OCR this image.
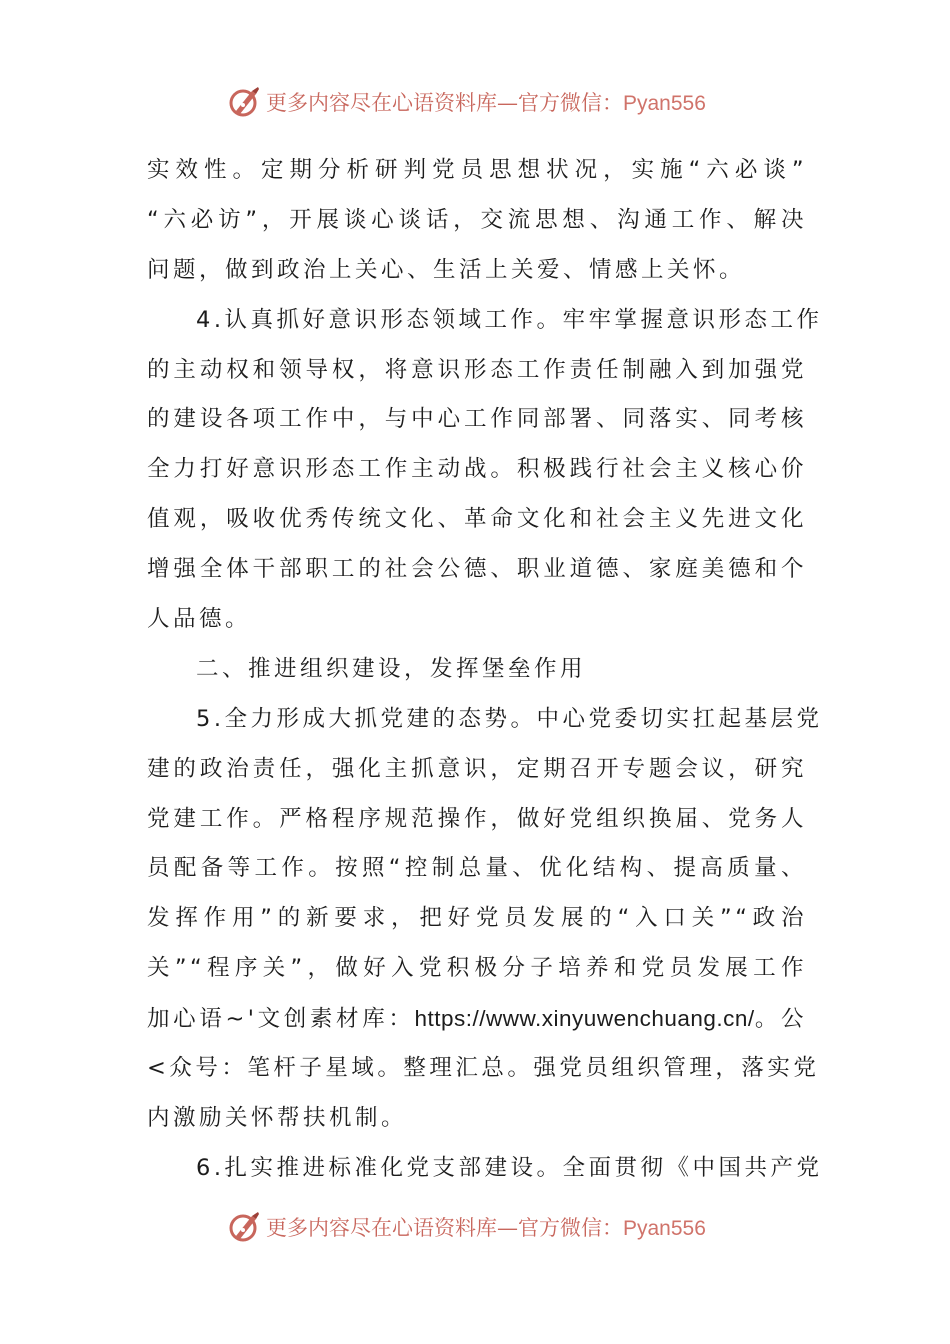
更多内容尽在心语资料库—官方微信：Pyan556
实效性。定期分析研判党员思想状况，实施“六必谈”
“六必访”，开展谈心谈话，交流思想、沟通工作、解决
问题，做到政治上关心、生活上关爱、情感上关怀。
4.认真抓好意识形态领域工作。牢牢掌握意识形态工作
的主动权和领导权，将意识形态工作责任制融入到加强党
的建设各项工作中，与中心工作同部署、同落实、同考核
全力打好意识形态工作主动战。积极践行社会主义核心价
值观，吸收优秀传统文化、革命文化和社会主义先进文化
增强全体干部职工的社会公德、职业道德、家庭美德和个
人品德。
二、推进组织建设，发挥堡垒作用
5.全力形成大抓党建的态势。中心党委切实扛起基层党
建的政治责任，强化主抓意识，定期召开专题会议，研究
党建工作。严格程序规范操作，做好党组织换届、党务人
员配备等工作。按照“控制总量、优化结构、提高质量、
发挥作用”的新要求，把好党员发展的“入口关”“政治
关”“程序关”，做好入党积极分子培养和党员发展工作
加心语~'文创素材库：https://www.xinyuwenchuang.cn/。公
<众号：笔杆子星域。整理汇总。强党员组织管理，落实党
内激励关怀帮扶机制。
6.扎实推进标准化党支部建设。全面贯彻《中国共产党
更多内容尽在心语资料库—官方微信：Pyan556
